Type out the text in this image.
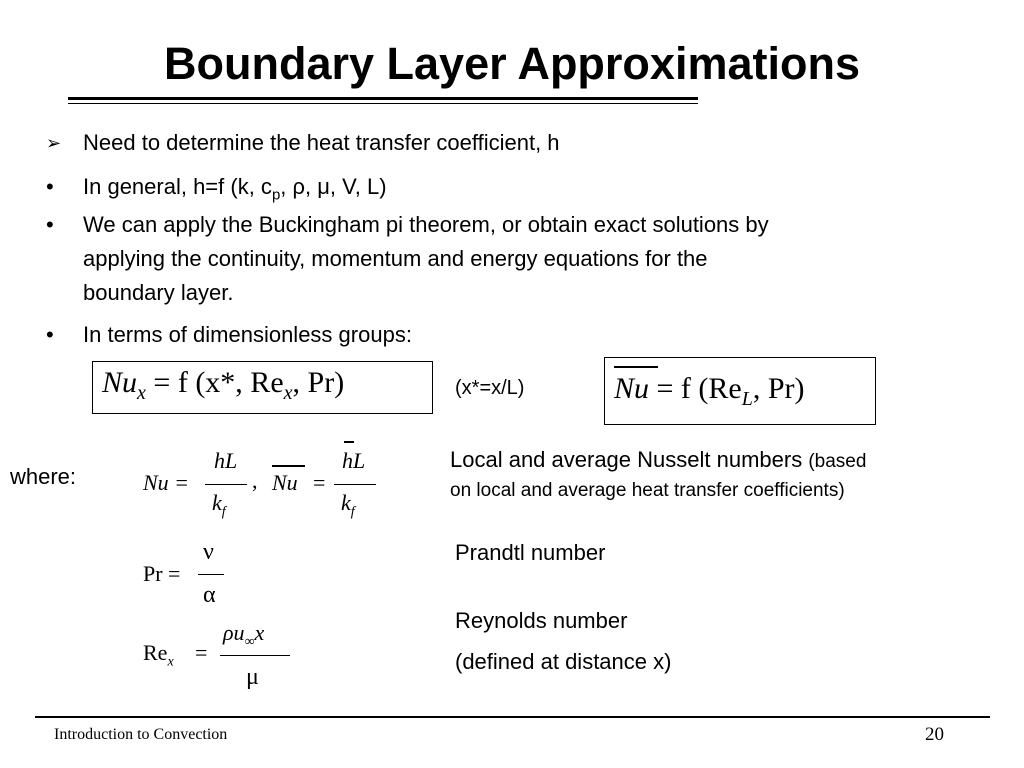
Boundary Layer Approximations
➢ Need to determine the heat transfer coefficient, h
• In general, h=f (k, $c_p$, ρ, μ, V, L)
• We can apply the Buckingham pi theorem, or obtain exact solutions by
applying the continuity, momentum and energy equations for the
boundary layer.
• In terms of dimensionless groups:
$Nu_x = f$ (x*, $Re_x$, Pr)	(x*=x/L)	Nu = f ($Re_L$, Pr)
where:	Nu =
hL
$k_f$
, Nu =
hL
$k_f$
Local and average Nusselt numbers (based
on local and average heat transfer coefficients)
Pr =
ν
α
Prandtl number
$Re_x$ =
$\rho u_\infty x$
μ
Reynolds number
(defined at distance x)
Introduction to Convection	20
